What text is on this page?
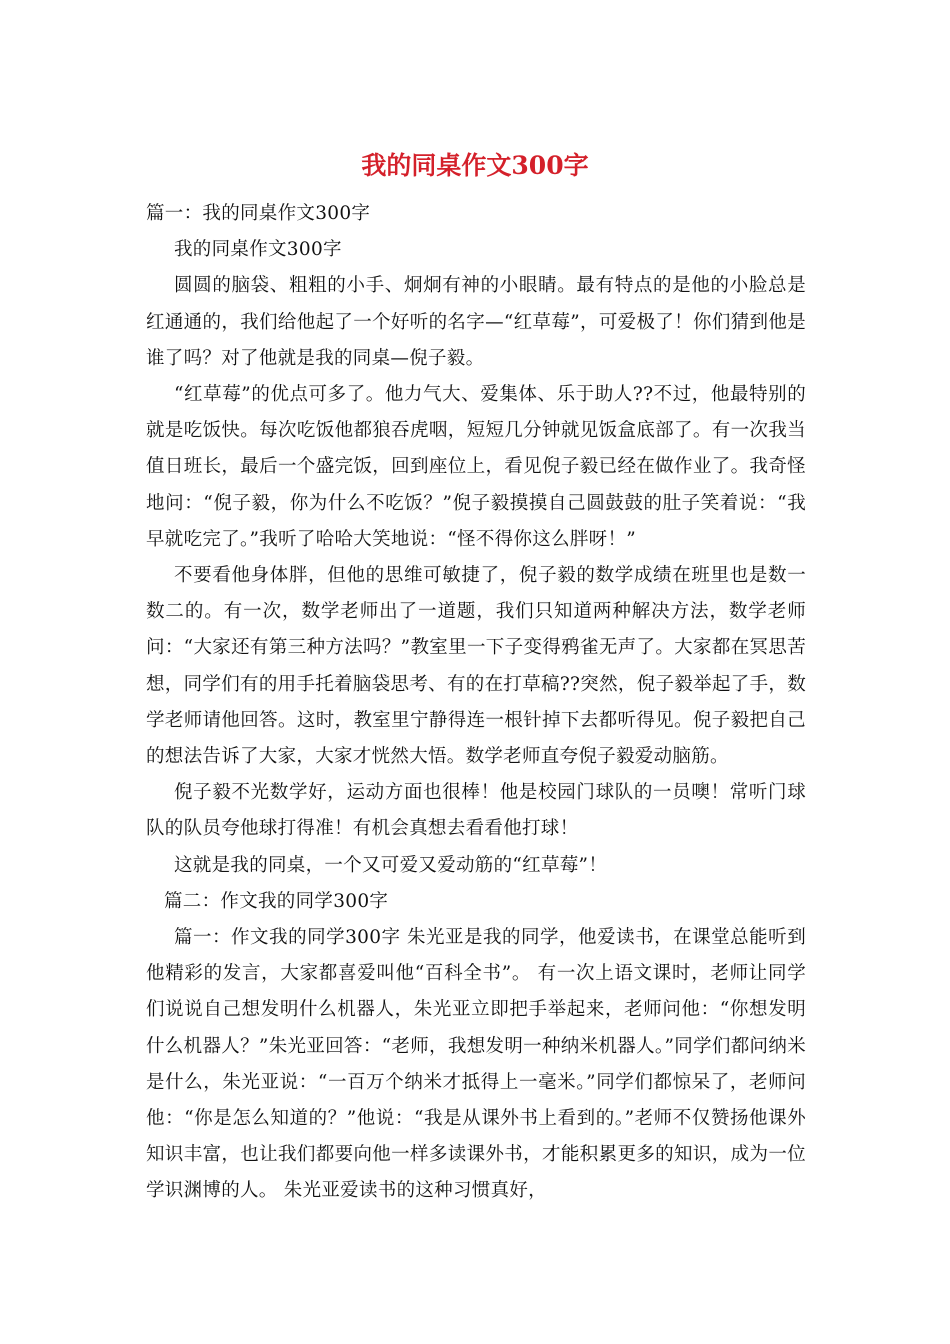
我的同桌作文300字

篇一：我的同桌作文300字

我的同桌作文300字

圆圆的脑袋、粗粗的小手、炯炯有神的小眼睛。最有特点的是他的小脸总是红通通的，我们给他起了一个好听的名字—“红草莓”，可爱极了！你们猜到他是谁了吗？对了他就是我的同桌—倪子毅。

“红草莓”的优点可多了。他力气大、爱集体、乐于助人??不过，他最特别的就是吃饭快。每次吃饭他都狼吞虎咽，短短几分钟就见饭盒底部了。有一次我当值日班长，最后一个盛完饭，回到座位上，看见倪子毅已经在做作业了。我奇怪地问：“倪子毅，你为什么不吃饭？”倪子毅摸摸自己圆鼓鼓的肚子笑着说：“我早就吃完了。”我听了哈哈大笑地说：“怪不得你这么胖呀！”

不要看他身体胖，但他的思维可敏捷了，倪子毅的数学成绩在班里也是数一数二的。有一次，数学老师出了一道题，我们只知道两种解决方法，数学老师问：“大家还有第三种方法吗？”教室里一下子变得鸦雀无声了。大家都在冥思苦想，同学们有的用手托着脑袋思考、有的在打草稿??突然，倪子毅举起了手，数学老师请他回答。这时，教室里宁静得连一根针掉下去都听得见。倪子毅把自己的想法告诉了大家，大家才恍然大悟。数学老师直夸倪子毅爱动脑筋。

倪子毅不光数学好，运动方面也很棒！他是校园门球队的一员噢！常听门球队的队员夸他球打得准！有机会真想去看看他打球！

这就是我的同桌，一个又可爱又爱动筋的“红草莓”！

篇二：作文我的同学300字

篇一：作文我的同学300字 朱光亚是我的同学，他爱读书，在课堂总能听到他精彩的发言，大家都喜爱叫他“百科全书”。 有一次上语文课时，老师让同学们说说自己想发明什么机器人，朱光亚立即把手举起来，老师问他：“你想发明什么机器人？”朱光亚回答：“老师，我想发明一种纳米机器人。”同学们都问纳米是什么，朱光亚说：“一百万个纳米才抵得上一毫米。”同学们都惊呆了，老师问他：“你是怎么知道的？”他说：“我是从课外书上看到的。”老师不仅赞扬他课外知识丰富，也让我们都要向他一样多读课外书，才能积累更多的知识，成为一位学识渊博的人。 朱光亚爱读书的这种习惯真好，
